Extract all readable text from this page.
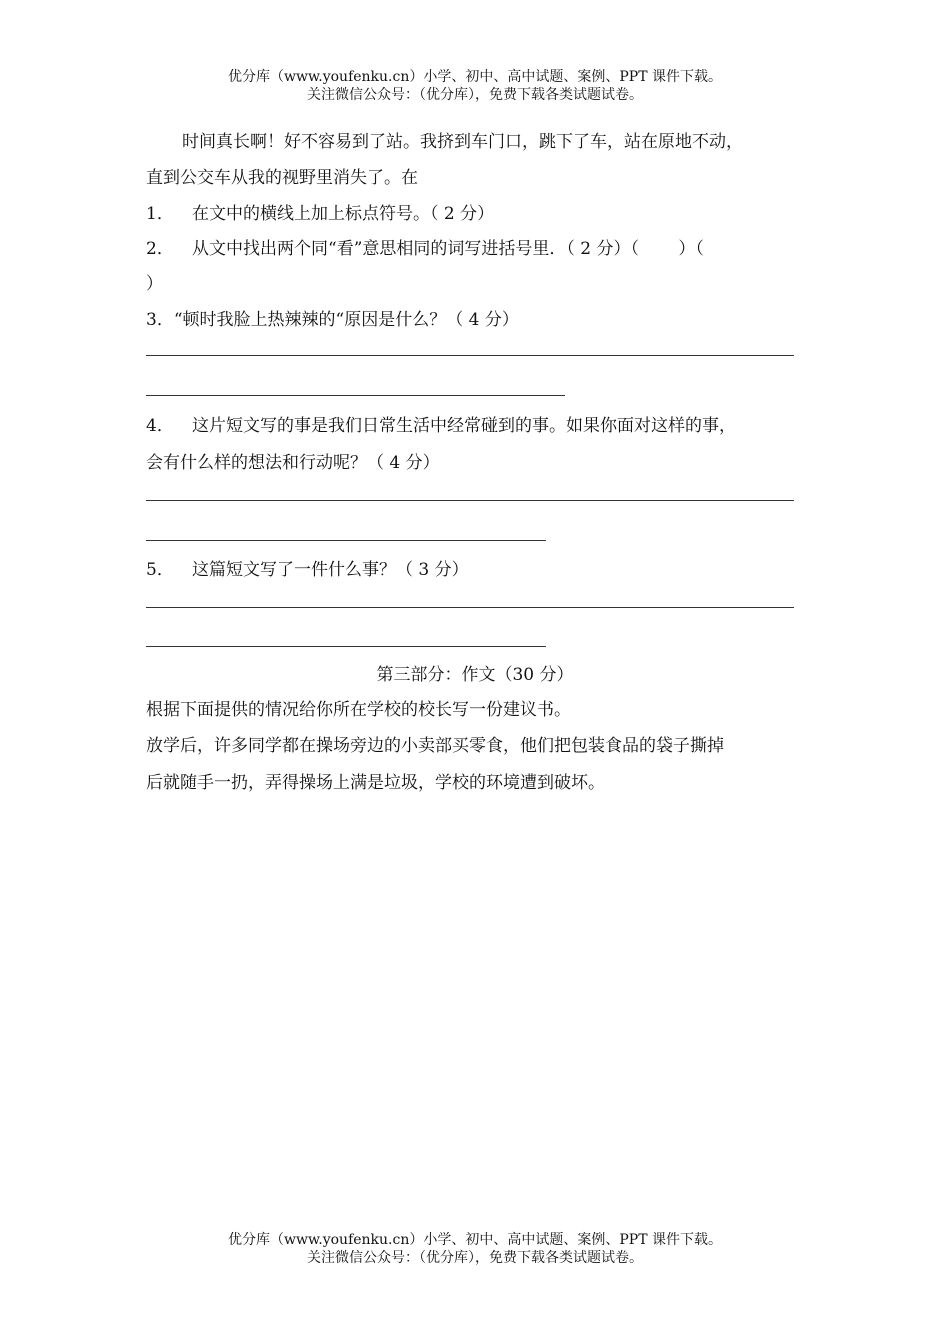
优分库（www.youfenku.cn）小学、初中、高中试题、案例、PPT 课件下载。
关注微信公众号：（优分库），免费下载各类试题试卷。
时间真长啊！好不容易到了站。我挤到车门口，跳下了车，站在原地不动，
直到公交车从我的视野里消失了。在
1． 在文中的横线上加上标点符号。（ 2 分）
2． 从文中找出两个同“看”意思相同的词写进括号里．（ 2 分）（　　 ）（
）
3．“顿时我脸上热辣辣的“原因是什么？（ 4 分）
4． 这片短文写的事是我们日常生活中经常碰到的事。如果你面对这样的事，
会有什么样的想法和行动呢？（ 4 分）
5． 这篇短文写了一件什么事？（ 3 分）
第三部分：作文（30 分）
根据下面提供的情况给你所在学校的校长写一份建议书。
放学后，许多同学都在操场旁边的小卖部买零食，他们把包装食品的袋子撕掉
后就随手一扔，弄得操场上满是垃圾，学校的环境遭到破坏。
优分库（www.youfenku.cn）小学、初中、高中试题、案例、PPT 课件下载。
关注微信公众号：（优分库），免费下载各类试题试卷。
